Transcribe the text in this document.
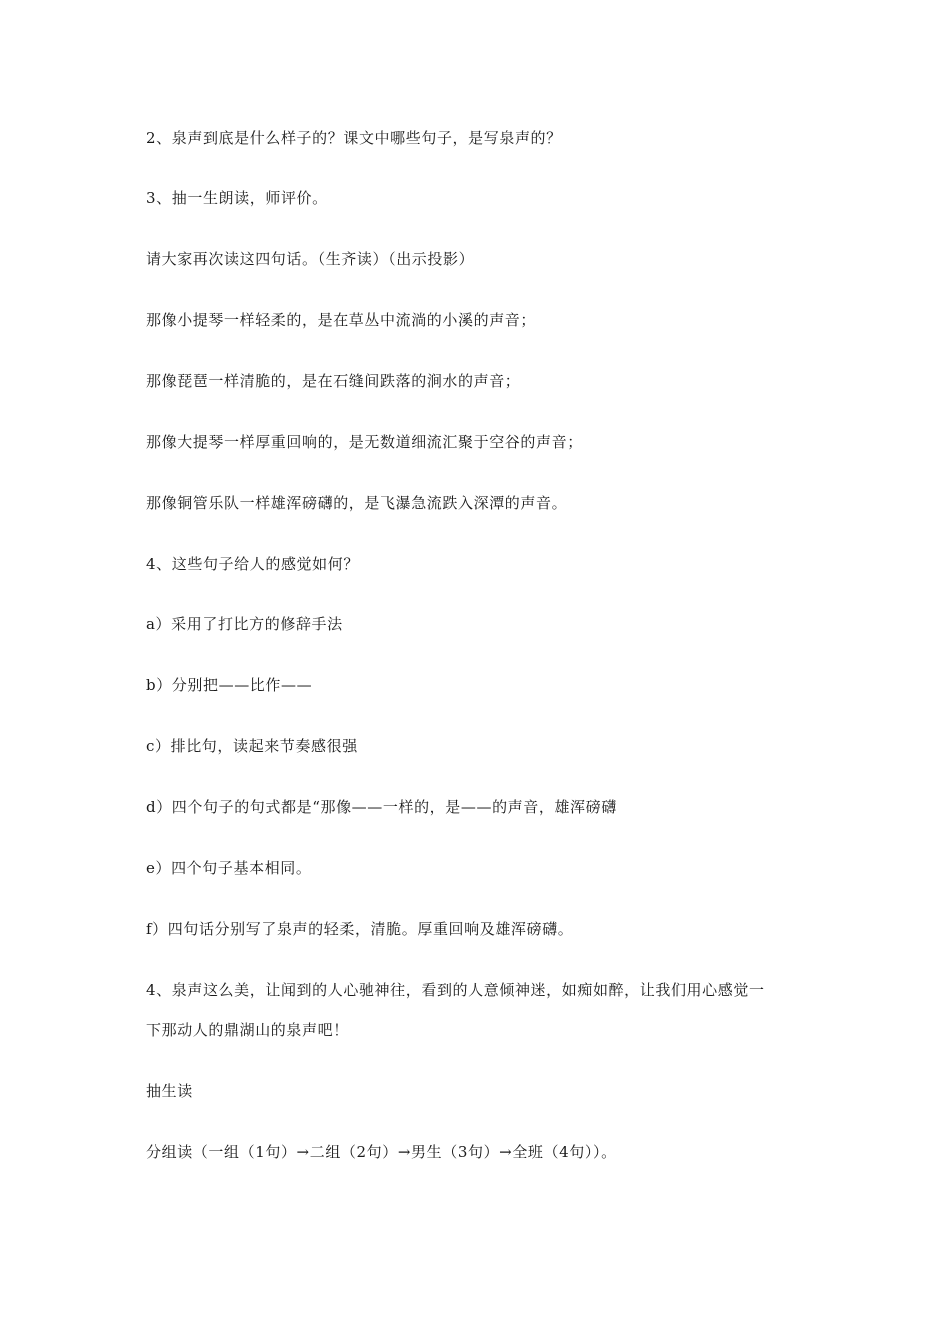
2、泉声到底是什么样子的？课文中哪些句子，是写泉声的？
3、抽一生朗读，师评价。
请大家再次读这四句话。（生齐读）（出示投影）
那像小提琴一样轻柔的，是在草丛中流淌的小溪的声音；
那像琵琶一样清脆的，是在石缝间跌落的涧水的声音；
那像大提琴一样厚重回响的，是无数道细流汇聚于空谷的声音；
那像铜管乐队一样雄浑磅礴的，是飞瀑急流跌入深潭的声音。
4、这些句子给人的感觉如何？
a）采用了打比方的修辞手法
b）分别把——比作——
c）排比句，读起来节奏感很强
d）四个句子的句式都是“那像——一样的，是——的声音，雄浑磅礴
e）四个句子基本相同。
f）四句话分别写了泉声的轻柔，清脆。厚重回响及雄浑磅礴。
4、泉声这么美，让闻到的人心驰神往，看到的人意倾神迷，如痴如醉，让我们用心感觉一
下那动人的鼎湖山的泉声吧！
抽生读
分组读（一组（1句）→二组（2句）→男生（3句）→全班（4句））。
